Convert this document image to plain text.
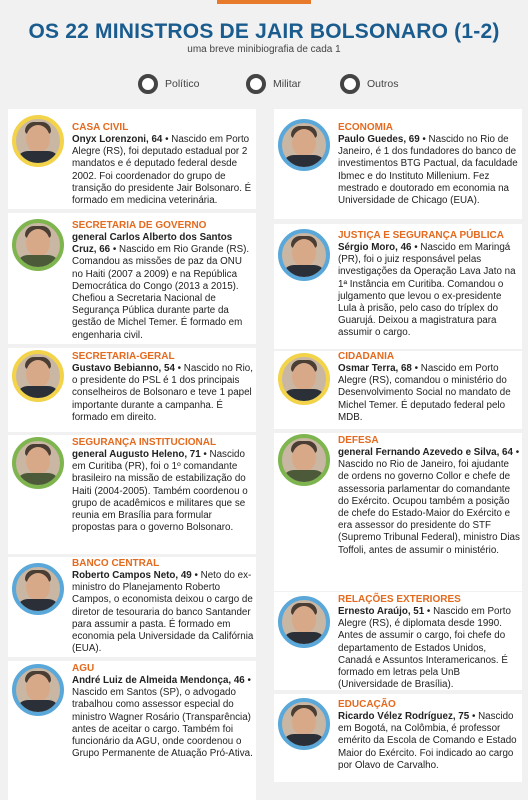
OS 22 MINISTROS DE JAIR BOLSONARO (1-2)
uma breve minibiografia de cada 1
Político	Militar	Outros
CASA CIVIL
Onyx Lorenzoni, 64 • Nascido em Porto Alegre (RS), foi deputado estadual por 2 mandatos e é deputado federal desde 2002. Foi coordenador do grupo de transição do presidente Jair Bolsonaro. É formado em medicina veterinária.
SECRETARIA DE GOVERNO
general Carlos Alberto dos Santos Cruz, 66 • Nascido em Rio Grande (RS). Comandou as missões de paz da ONU no Haiti (2007 a 2009) e na República Democrática do Congo (2013 a 2015). Chefiou a Secretaria Nacional de Segurança Pública durante parte da gestão de Michel Temer. É formado em engenharia civil.
SECRETARIA-GERAL
Gustavo Bebianno, 54 • Nascido no Rio, o presidente do PSL é 1 dos principais conselheiros de Bolsonaro e teve 1 papel importante durante a campanha. É formado em direito.
SEGURANÇA INSTITUCIONAL
general Augusto Heleno, 71 • Nascido em Curitiba (PR), foi o 1º comandante brasileiro na missão de estabilização do Haiti (2004-2005). Também coordenou o grupo de acadêmicos e militares que se reunia em Brasília para formular propostas para o governo Bolsonaro.
BANCO CENTRAL
Roberto Campos Neto, 49 • Neto do ex-ministro do Planejamento Roberto Campos, o economista deixou o cargo de diretor de tesouraria do banco Santander para assumir a pasta. É formado em economia pela Universidade da Califórnia (EUA).
AGU
André Luiz de Almeida Mendonça, 46 • Nascido em Santos (SP), o advogado trabalhou como assessor especial do ministro Wagner Rosário (Transparência) antes de aceitar o cargo. Também foi funcionário da AGU, onde coordenou o Grupo Permanente de Atuação Pró-Ativa.
ECONOMIA
Paulo Guedes, 69 • Nascido no Rio de Janeiro, é 1 dos fundadores do banco de investimentos BTG Pactual, da faculdade Ibmec e do Instituto Millenium. Fez mestrado e doutorado em economia na Universidade de Chicago (EUA).
JUSTIÇA E SEGURANÇA PÚBLICA
Sérgio Moro, 46 • Nascido em Maringá (PR), foi o juiz responsável pelas investigações da Operação Lava Jato na 1ª Instância em Curitiba. Comandou o julgamento que levou o ex-presidente Lula à prisão, pelo caso do tríplex do Guarujá. Deixou a magistratura para assumir o cargo.
CIDADANIA
Osmar Terra, 68 • Nascido em Porto Alegre (RS), comandou o ministério do Desenvolvimento Social no mandato de Michel Temer. É deputado federal pelo MDB.
DEFESA
general Fernando Azevedo e Silva, 64 • Nascido no Rio de Janeiro, foi ajudante de ordens no governo Collor e chefe de assessoria parlamentar do comandante do Exército. Ocupou também a posição de chefe do Estado-Maior do Exército e era assessor do presidente do STF (Supremo Tribunal Federal), ministro Dias Toffoli, antes de assumir o ministério.
RELAÇÕES EXTERIORES
Ernesto Araújo, 51 • Nascido em Porto Alegre (RS), é diplomata desde 1990. Antes de assumir o cargo, foi chefe do departamento de Estados Unidos, Canadá e Assuntos Interamericanos. É formado em letras pela UnB (Universidade de Brasília).
EDUCAÇÃO
Ricardo Vélez Rodríguez, 75 • Nascido em Bogotá, na Colômbia, é professor emérito da Escola de Comando e Estado Maior do Exército. Foi indicado ao cargo por Olavo de Carvalho.
